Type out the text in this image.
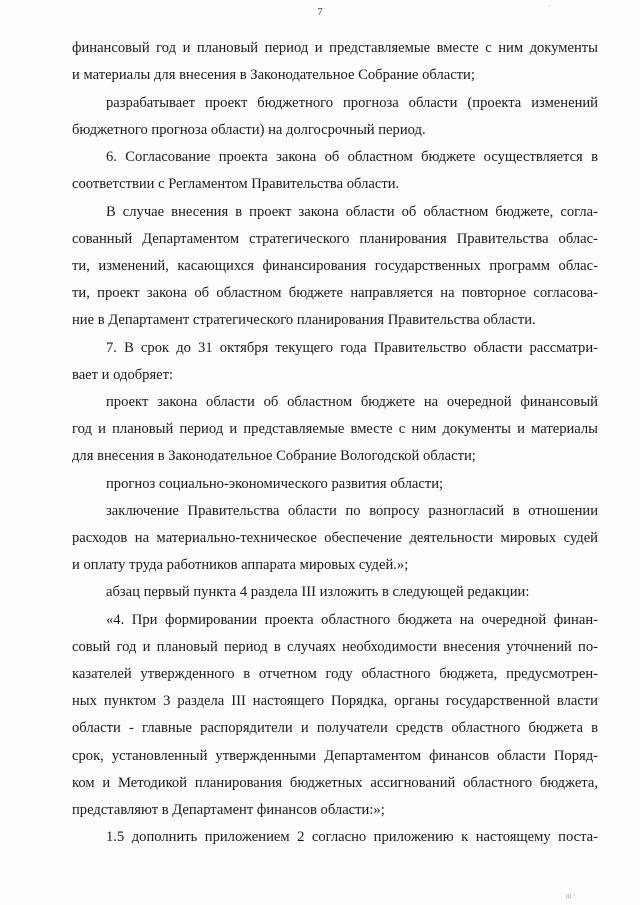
7
финансовый год и плановый период и представляемые вместе с ним документы
и материалы для внесения в Законодательное Собрание области;
разрабатывает проект бюджетного прогноза области (проекта изменений
бюджетного прогноза области) на долгосрочный период.
6. Согласование проекта закона об областном бюджете осуществляется в
соответствии с Регламентом Правительства области.
В случае внесения в проект закона области об областном бюджете, согла-
сованный Департаментом стратегического планирования Правительства облас-
ти, изменений, касающихся финансирования государственных программ облас-
ти, проект закона об областном бюджете направляется на повторное согласова-
ние в Департамент стратегического планирования Правительства области.
7. В срок до 31 октября текущего года Правительство области рассматри-
вает и одобряет:
проект закона области об областном бюджете на очередной финансовый
год и плановый период и представляемые вместе с ним документы и материалы
для внесения в Законодательное Собрание Вологодской области;
прогноз социально-экономического развития области;
заключение Правительства области по вопросу разногласий в отношении
расходов на материально-техническое обеспечение деятельности мировых судей
и оплату труда работников аппарата мировых судей.»;
абзац первый пункта 4 раздела III изложить в следующей редакции:
«4. При формировании проекта областного бюджета на очередной финан-
совый год и плановый период в случаях необходимости внесения уточнений по-
казателей утвержденного в отчетном году областного бюджета, предусмотрен-
ных пунктом 3 раздела III настоящего Порядка, органы государственной власти
области - главные распорядители и получатели средств областного бюджета в
срок, установленный утвержденными Департаментом финансов области Поряд-
ком и Методикой планирования бюджетных ассигнований областного бюджета,
представляют в Департамент финансов области:»;
1.5 дополнить приложением 2 согласно приложению к настоящему поста-
·
ш ·
